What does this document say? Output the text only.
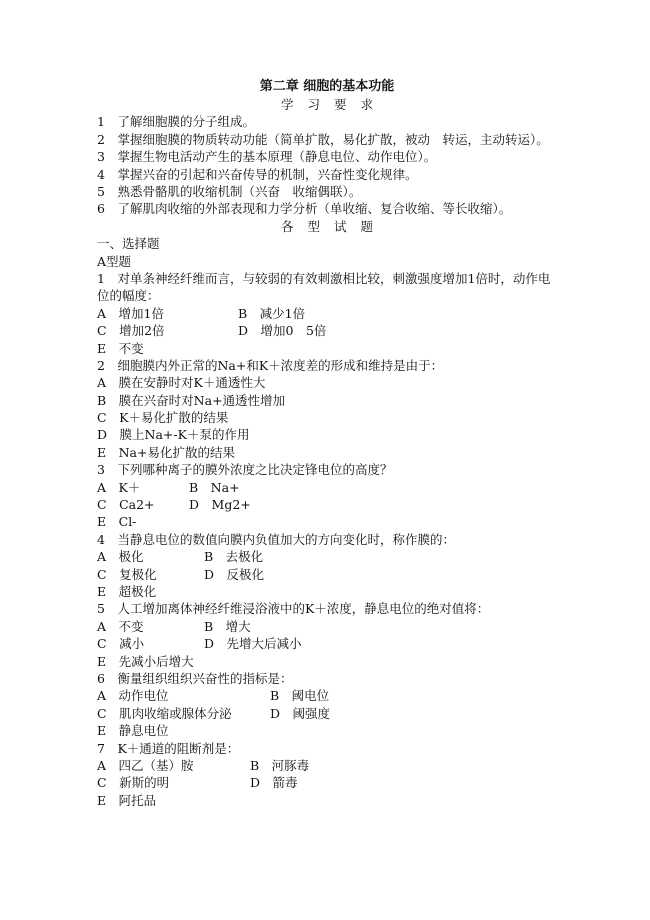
第二章 细胞的基本功能
学习要求
1　了解细胞膜的分子组成。
2　掌握细胞膜的物质转动功能（简单扩散，易化扩散，被动　转运，主动转运）。
3　掌握生物电活动产生的基本原理（静息电位、动作电位）。
4　掌握兴奋的引起和兴奋传导的机制，兴奋性变化规律。
5　熟悉骨骼肌的收缩机制（兴奋　收缩偶联）。
6　了解肌肉收缩的外部表现和力学分析（单收缩、复合收缩、等长收缩）。
各型试题
一、选择题
A型题
1　对单条神经纤维而言，与较弱的有效刺激相比较，刺激强度增加1倍时，动作电位的幅度：
A　增加1倍	B　减少1倍
C　增加2倍	D　增加0　5倍
E　不变
2　细胞膜内外正常的Na+和K＋浓度差的形成和维持是由于：
A　膜在安静时对K＋通透性大
B　膜在兴奋时对Na+通透性增加
C　K＋易化扩散的结果
D　膜上Na+-K＋泵的作用
E　Na+易化扩散的结果
3　下列哪种离子的膜外浓度之比决定锋电位的高度？
A　K＋	B　Na+
C　Ca2+	D　Mg2+
E　Cl-
4　当静息电位的数值向膜内负值加大的方向变化时，称作膜的：
A　极化	B　去极化
C　复极化	D　反极化
E　超极化
5　人工增加离体神经纤维浸浴液中的K＋浓度，静息电位的绝对值将：
A　不变	B　增大
C　减小	D　先增大后减小
E　先减小后增大
6　衡量组织组织兴奋性的指标是：
A　动作电位	B　阈电位
C　肌肉收缩或腺体分泌	D　阈强度
E　静息电位
7　K＋通道的阻断剂是：
A　四乙（基）胺	B　河豚毒
C　新斯的明	D　箭毒
E　阿托品
